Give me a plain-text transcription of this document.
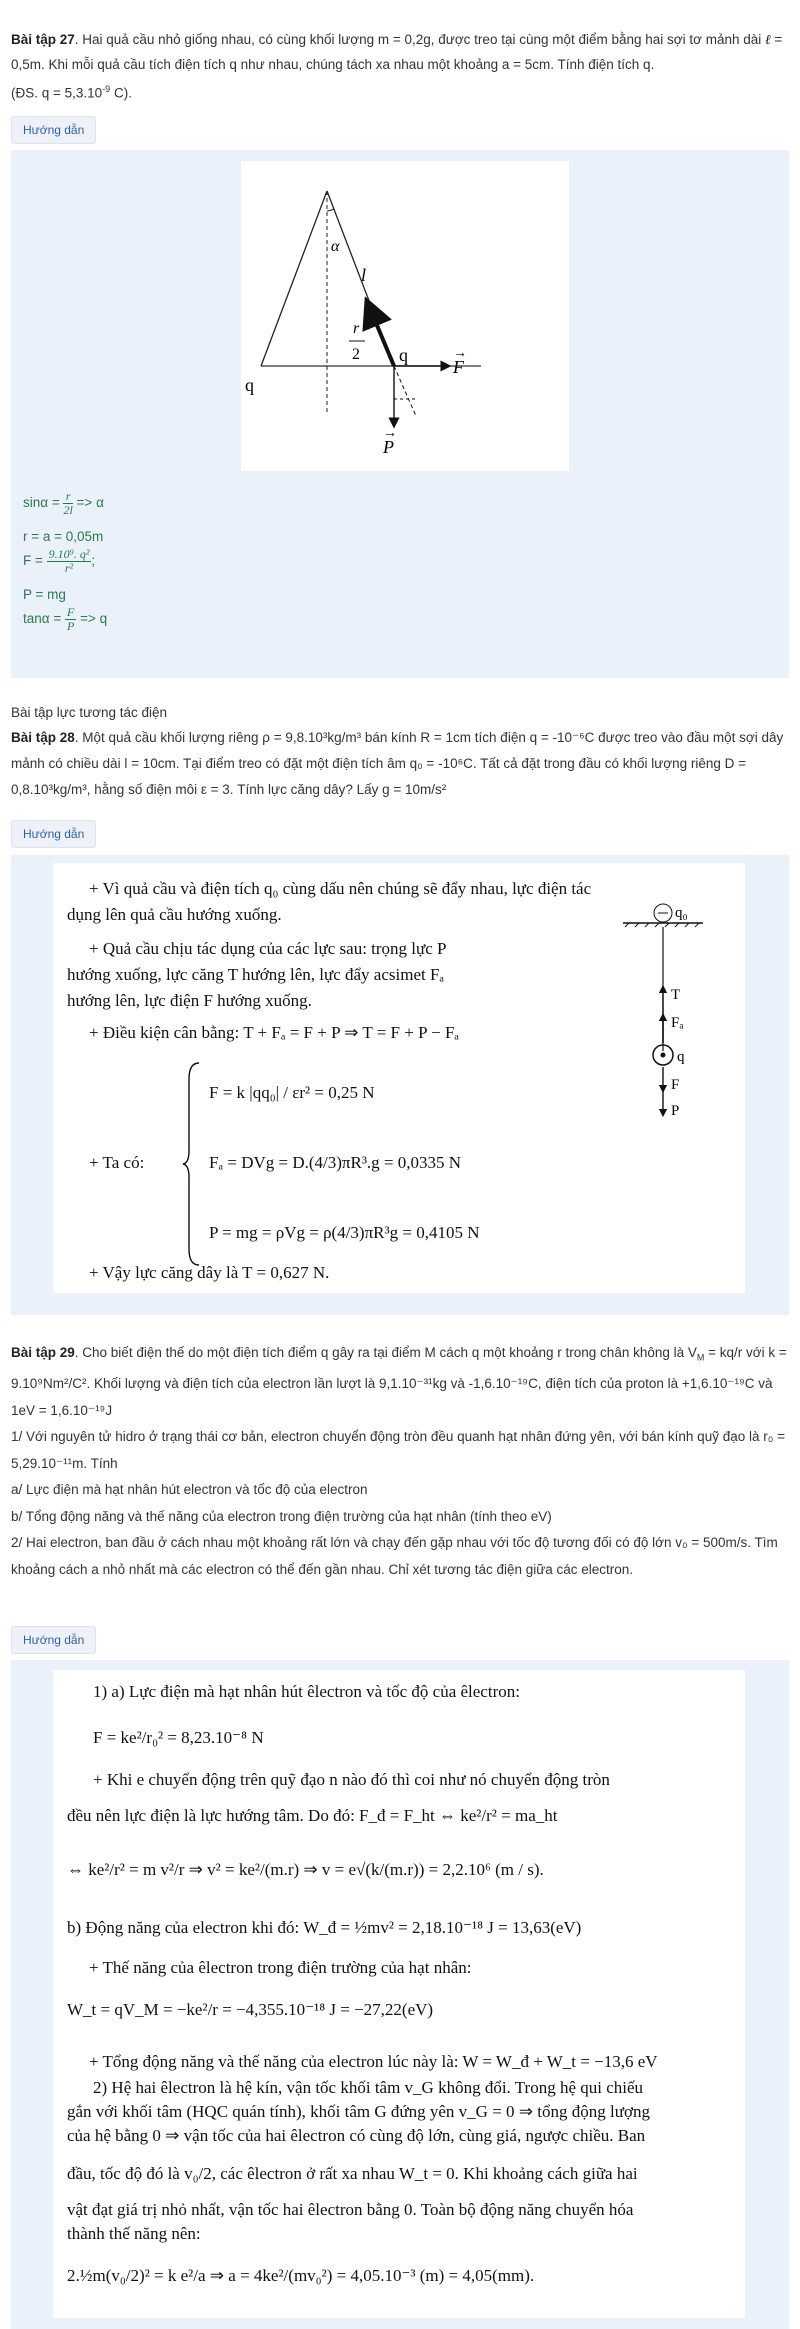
Bài tập 27. Hai quả cầu nhỏ giống nhau, có cùng khối lượng m = 0,2g, được treo tại cùng một điểm bằng hai sợi tơ mảnh dài ℓ = 0,5m. Khi mỗi quả cầu tích điện tích q như nhau, chúng tách xa nhau một khoảng a = 5cm. Tính điện tích q.
(ĐS. $q = 5,3.10^{-9}$ C).
Hướng dẫn
α
l
r
2
q
q
F
P
→
→
$\sin\alpha = \frac{r}{2l} => \alpha$
r = a = 0,05m
$F = \frac{\text{9.10⁹. q²}}{\text{r²}}$ ;
P = mg
$\tan\alpha = \frac{F}{P} => q$
Bài tập lực tương tác điện
Bài tập 28. Một quả cầu khối lượng riêng ρ = 9,8.10³kg/m³ bán kính R = 1cm tích điện q = -10⁻⁶C được treo vào đầu một sợi dây mảnh có chiều dài l = 10cm. Tại điểm treo có đặt một điện tích âm q₀ = -10⁶C. Tất cả đặt trong đầu có khối lượng riêng D = 0,8.10³kg/m³, hằng số điện môi ε = 3. Tính lực căng dây? Lấy g = 10m/s²
Hướng dẫn
+ Vì quả cầu và điện tích q₀ cùng dấu nên chúng sẽ đẩy nhau, lực điện tác
dụng lên quả cầu hướng xuống.
+ Quả cầu chịu tác dụng của các lực sau: trọng lực P
hướng xuống, lực căng T hướng lên, lực đẩy acsimet Fₐ
hướng lên, lực điện F hướng xuống.
+ Điều kiện cân bằng: T + Fₐ = F + P ⇒ T = F + P − Fₐ
+ Ta có:
F = k |qq₀| / εr² = 0,25 N
Fₐ = DVg = D.(4/3)πR³.g = 0,0335 N
P = mg = ρVg = ρ(4/3)πR³g = 0,4105 N
+ Vậy lực căng dây là T = 0,627 N.
q₀
T
Fₐ
q
F
P
Bài tập 29. Cho biết điện thế do một điện tích điểm q gây ra tại điểm M cách q một khoảng r trong chân không là $V_M = kq/r$ với k = 9.10⁹Nm²/C². Khối lượng và điện tích của electron lần lượt là 9,1.10⁻³¹kg và -1,6.10⁻¹⁹C, điện tích của proton là +1,6.10⁻¹⁹C và 1eV = 1,6.10⁻¹⁹J
1/ Với nguyên tử hidro ở trạng thái cơ bản, electron chuyển động tròn đều quanh hạt nhân đứng yên, với bán kính quỹ đạo là r₀ = 5,29.10⁻¹¹m. Tính
a/ Lực điện mà hạt nhân hút electron và tốc độ của electron
b/ Tổng động năng và thế năng của electron trong điện trường của hạt nhân (tính theo eV)
2/ Hai electron, ban đầu ở cách nhau một khoảng rất lớn và chạy đến gặp nhau với tốc độ tương đối có độ lớn v₀ = 500m/s. Tìm khoảng cách a nhỏ nhất mà các electron có thể đến gần nhau. Chỉ xét tương tác điện giữa các electron.
Hướng dẫn
1) a) Lực điện mà hạt nhân hút êlectron và tốc độ của êlectron:
F = ke²/r₀² = 8,23.10⁻⁸ N
+ Khi e chuyển động trên quỹ đạo n nào đó thì coi như nó chuyển động tròn
đều nên lực điện là lực hướng tâm. Do đó: F_đ = F_ht ⇔ ke²/r² = ma_ht
⇔ ke²/r² = m v²/r ⇒ v² = ke²/(m.r) ⇒ v = e√(k/(m.r)) = 2,2.10⁶ (m / s).
b) Động năng của electron khi đó: W_đ = ½mv² = 2,18.10⁻¹⁸ J = 13,63(eV)
+ Thế năng của êlectron trong điện trường của hạt nhân:
W_t = qV_M = −ke²/r = −4,355.10⁻¹⁸ J = −27,22(eV)
+ Tổng động năng và thế năng của electron lúc này là: W = W_đ + W_t = −13,6 eV
2) Hệ hai êlectron là hệ kín, vận tốc khối tâm v_G không đổi. Trong hệ qui chiếu
gắn với khối tâm (HQC quán tính), khối tâm G đứng yên v_G = 0 ⇒ tổng động lượng
của hệ bằng 0 ⇒ vận tốc của hai êlectron có cùng độ lớn, cùng giá, ngược chiều. Ban
đầu, tốc độ đó là v₀/2, các êlectron ở rất xa nhau W_t = 0. Khi khoảng cách giữa hai
vật đạt giá trị nhỏ nhất, vận tốc hai êlectron bằng 0. Toàn bộ động năng chuyển hóa
thành thế năng nên:
2.½m(v₀/2)² = k e²/a ⇒ a = 4ke²/(mv₀²) = 4,05.10⁻³ (m) = 4,05(mm).
